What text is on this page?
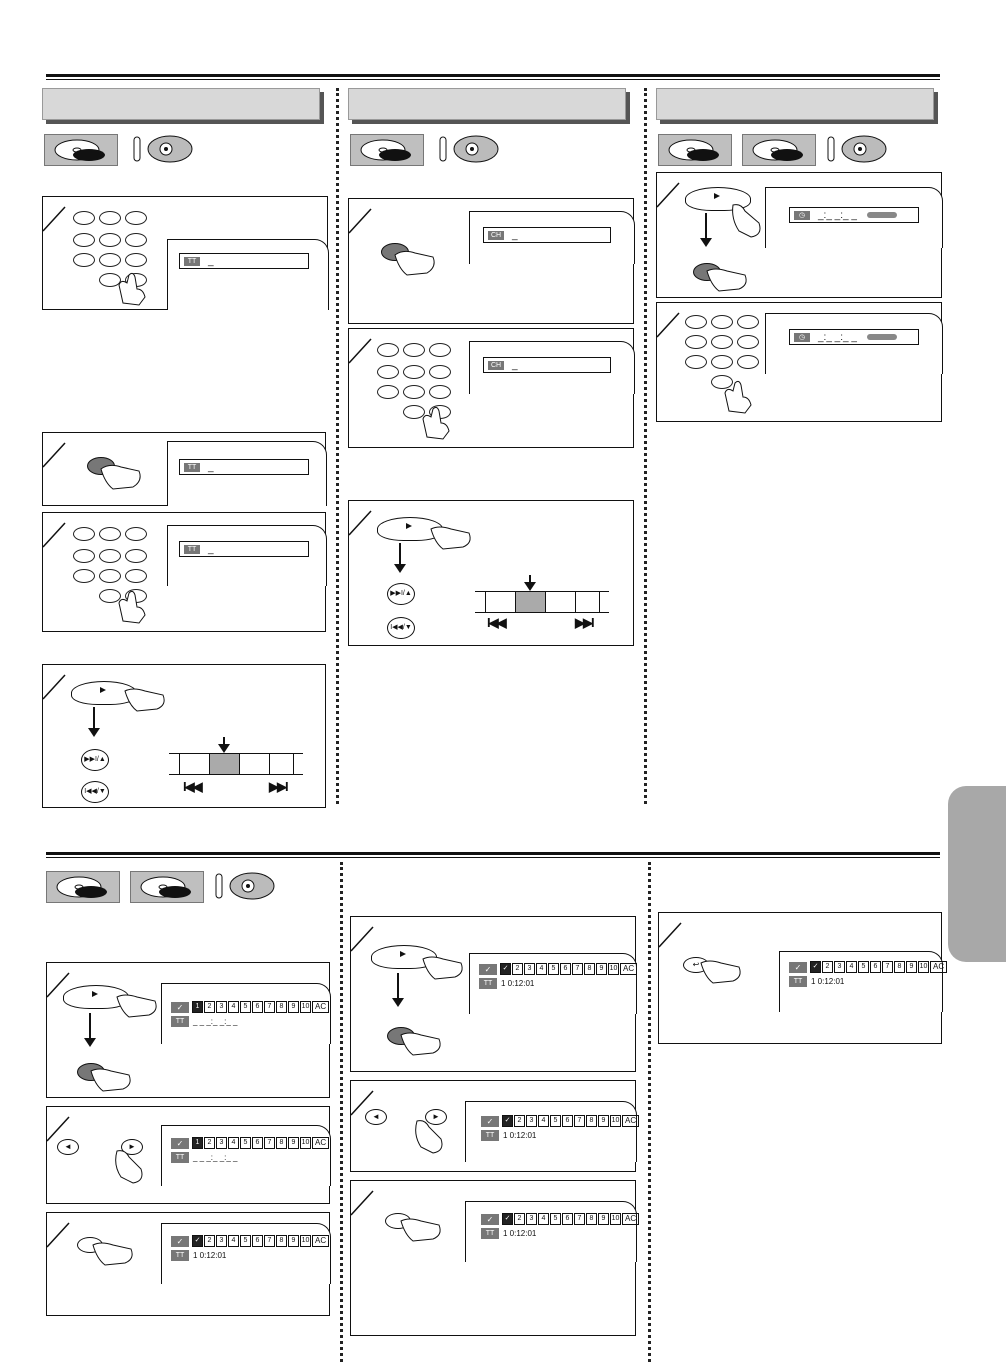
TT	_
TT	_
TT	_
▶▶I/▲
I◀◀/▼	I◀◀	▶▶I
CH _
CH _
▶▶I/▲
I◀◀/▼	I◀◀	▶▶I
◷	_:_ _:_ _
◷	_:_ _:_ _
✓	1	2	3	4	5	6	7	8	9 10 AC
TT	_ _ _:_ _:_ _
◄	►	✓	1	2	3	4	5	6	7	8	9 10 AC
TT	_ _ _:_ _:_ _
✓	✓	2	3	4	5	6	7	8	9 10 AC
TT	1 0:12:01
✓	✓	2	3	4	5	6	7	8	9 10 AC
TT	1 0:12:01
◄	►	✓	✓	2	3	4	5	6	7	8	9 10 AC
TT	1 0:12:01
✓	✓	2	3	4	5	6	7	8	9 10 AC
TT	1 0:12:01
↩	✓	✓	2	3	4	5	6	7	8	9 10 AC
TT	1 0:12:01
